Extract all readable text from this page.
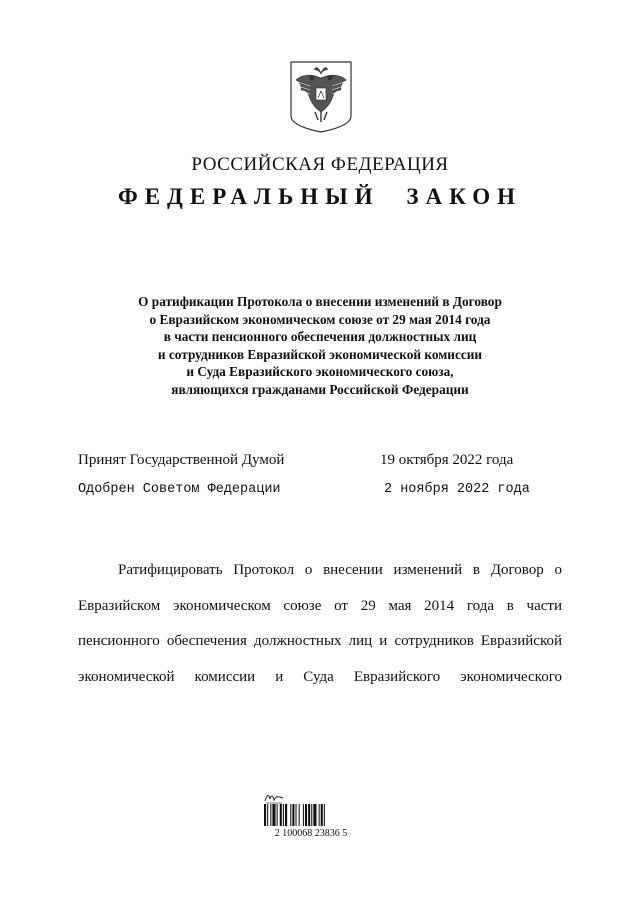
РОССИЙСКАЯ ФЕДЕРАЦИЯ
ФЕДЕРАЛЬНЫЙ ЗАКОН
О ратификации Протокола о внесении изменений в Договор
о Евразийском экономическом союзе от 29 мая 2014 года
в части пенсионного обеспечения должностных лиц
и сотрудников Евразийской экономической комиссии
и Суда Евразийского экономического союза,
являющихся гражданами Российской Федерации
Принят Государственной Думой	19 октября 2022 года
Одобрен Советом Федерации	2 ноября 2022 года

Ратифицировать Протокол о внесении изменений в Договор о Евразийском экономическом союзе от 29 мая 2014 года в части пенсионного обеспечения должностных лиц и сотрудников Евразийской экономической комиссии и Суда Евразийского экономического

2 100068 23836 5
